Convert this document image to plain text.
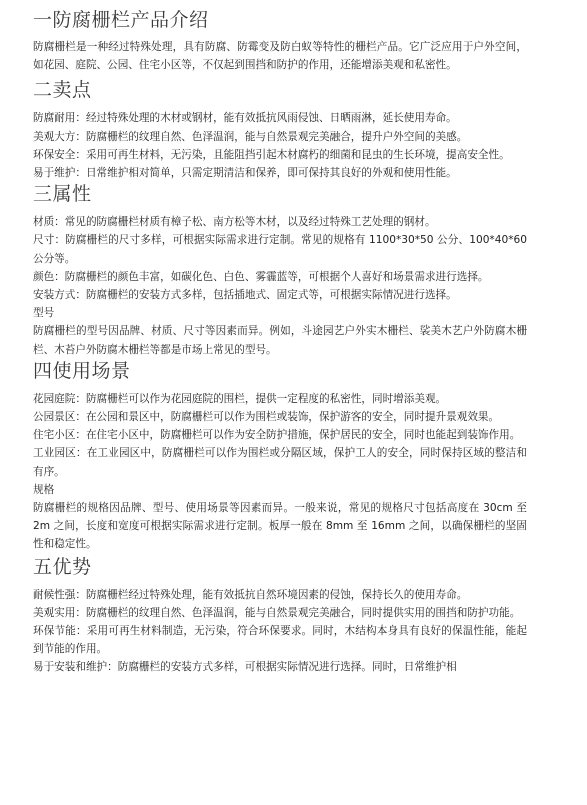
一防腐栅栏产品介绍

防腐栅栏是一种经过特殊处理，具有防腐、防霉变及防白蚁等特性的栅栏产品。它广泛应用于户外空间，如花园、庭院、公园、住宅小区等，不仅起到围挡和防护的作用，还能增添美观和私密性。

二卖点

防腐耐用：经过特殊处理的木材或钢材，能有效抵抗风雨侵蚀、日晒雨淋，延长使用寿命。

美观大方：防腐栅栏的纹理自然、色泽温润，能与自然景观完美融合，提升户外空间的美感。

环保安全：采用可再生材料，无污染，且能阻挡引起木材腐朽的细菌和昆虫的生长环境，提高安全性。

易于维护：日常维护相对简单，只需定期清洁和保养，即可保持其良好的外观和使用性能。

三属性

材质：常见的防腐栅栏材质有樟子松、南方松等木材，以及经过特殊工艺处理的钢材。

尺寸：防腐栅栏的尺寸多样，可根据实际需求进行定制。常见的规格有 1100*30*50 公分、100*40*60 公分等。

颜色：防腐栅栏的颜色丰富，如碳化色、白色、雾霾蓝等，可根据个人喜好和场景需求进行选择。

安装方式：防腐栅栏的安装方式多样，包括插地式、固定式等，可根据实际情况进行选择。

型号

防腐栅栏的型号因品牌、材质、尺寸等因素而异。例如，斗途园艺户外实木栅栏、裟美木艺户外防腐木栅栏、木苔户外防腐木栅栏等都是市场上常见的型号。

四使用场景

花园庭院：防腐栅栏可以作为花园庭院的围栏，提供一定程度的私密性，同时增添美观。

公园景区：在公园和景区中，防腐栅栏可以作为围栏或装饰，保护游客的安全，同时提升景观效果。

住宅小区：在住宅小区中，防腐栅栏可以作为安全防护措施，保护居民的安全，同时也能起到装饰作用。

工业园区：在工业园区中，防腐栅栏可以作为围栏或分隔区域，保护工人的安全，同时保持区域的整洁和有序。

规格

防腐栅栏的规格因品牌、型号、使用场景等因素而异。一般来说，常见的规格尺寸包括高度在 30cm 至 2m 之间，长度和宽度可根据实际需求进行定制。板厚一般在 8mm 至 16mm 之间，以确保栅栏的坚固性和稳定性。

五优势

耐候性强：防腐栅栏经过特殊处理，能有效抵抗自然环境因素的侵蚀，保持长久的使用寿命。

美观实用：防腐栅栏的纹理自然、色泽温润，能与自然景观完美融合，同时提供实用的围挡和防护功能。

环保节能：采用可再生材料制造，无污染，符合环保要求。同时，木结构本身具有良好的保温性能，能起到节能的作用。

易于安装和维护：防腐栅栏的安装方式多样，可根据实际情况进行选择。同时，日常维护相
